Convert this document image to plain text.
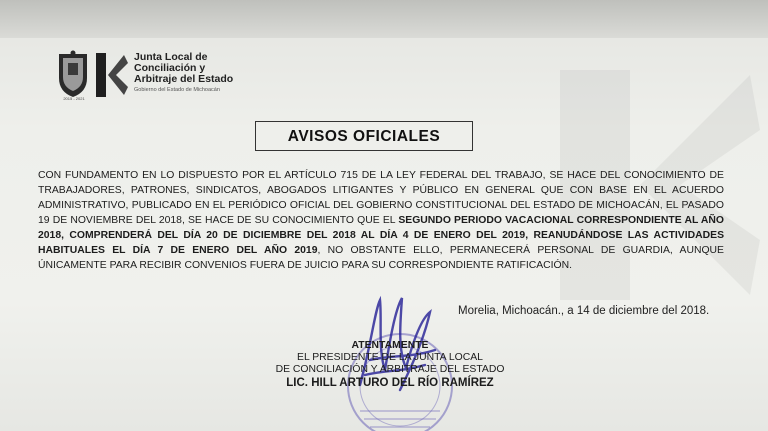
2015 - 2021
Junta Local de
Conciliación y
Arbitraje del Estado
Gobierno del Estado de Michoacán
AVISOS OFICIALES
CON FUNDAMENTO EN LO DISPUESTO POR EL ARTÍCULO 715 DE LA LEY FEDERAL DEL TRABAJO, SE HACE DEL CONOCIMIENTO DE TRABAJADORES, PATRONES, SINDICATOS, ABOGADOS LITIGANTES Y PÚBLICO EN GENERAL QUE CON BASE EN EL ACUERDO ADMINISTRATIVO, PUBLICADO EN EL PERIÓDICO OFICIAL DEL GOBIERNO CONSTITUCIONAL DEL ESTADO DE MICHOACÁN, EL PASADO 19 DE NOVIEMBRE DEL 2018, SE HACE DE SU CONOCIMIENTO QUE EL SEGUNDO PERIODO VACACIONAL CORRESPONDIENTE AL AÑO 2018, COMPRENDERÁ DEL DÍA 20 DE DICIEMBRE DEL 2018 AL DÍA 4 DE ENERO DEL 2019, REANUDÁNDOSE LAS ACTIVIDADES HABITUALES EL DÍA 7 DE ENERO DEL AÑO 2019, NO OBSTANTE ELLO, PERMANECERÁ PERSONAL DE GUARDIA, AUNQUE ÚNICAMENTE PARA RECIBIR CONVENIOS FUERA DE JUICIO PARA SU CORRESPONDIENTE RATIFICACIÓN.
Morelia, Michoacán., a 14 de diciembre del 2018.
ATENTAMENTE
EL PRESIDENTE DE LA JUNTA LOCAL
DE CONCILIACIÓN Y ARBITRAJE DEL ESTADO
LIC. HILL ARTURO DEL RÍO RAMÍREZ
